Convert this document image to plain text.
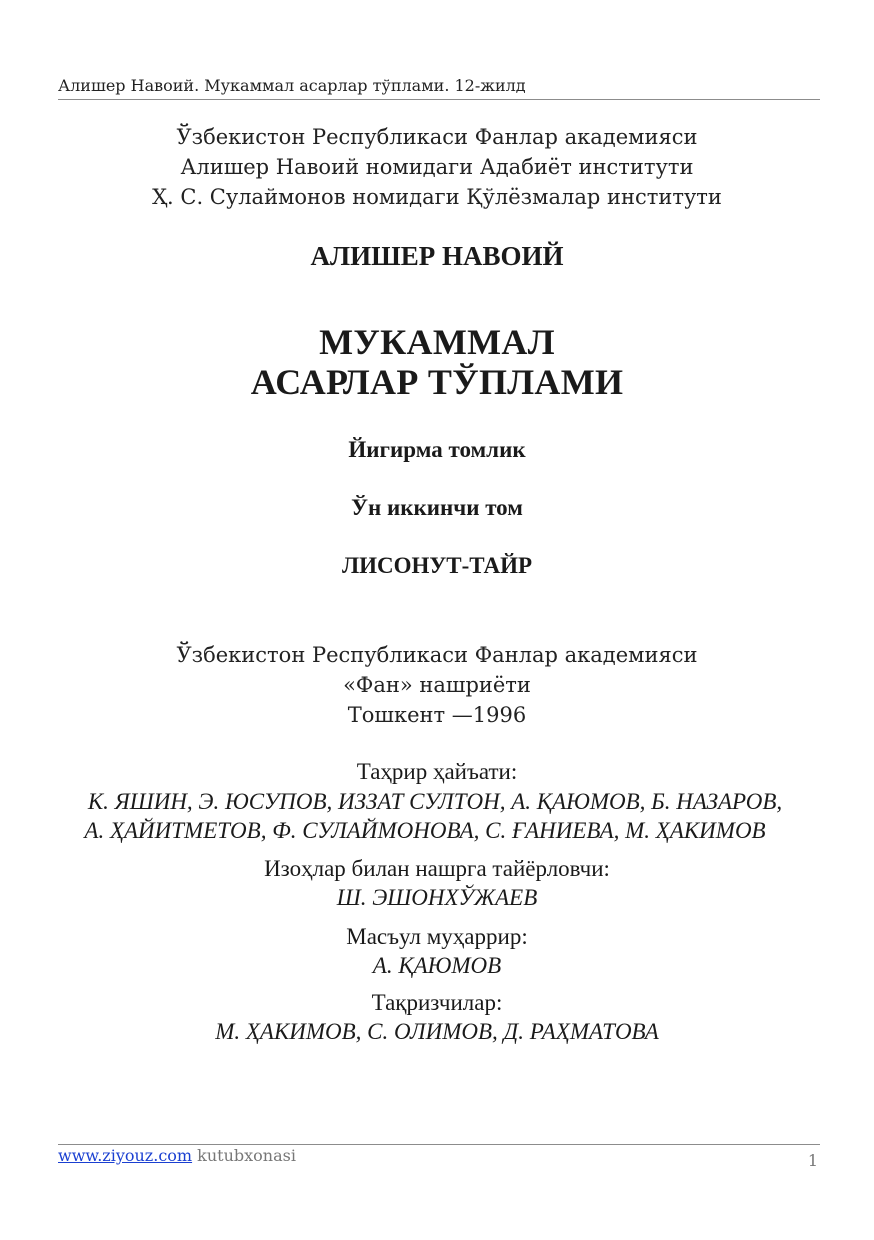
Алишер Навоий. Мукаммал асарлар тўплами. 12-жилд
Ўзбекистон Республикаси Фанлар академияси
Алишер Навоий номидаги Адабиёт институти
Ҳ. С. Сулаймонов номидаги Қўлёзмалар институти
АЛИШЕР НАВОИЙ
МУКАММАЛ
АСАРЛАР ТЎПЛАМИ
Йигирма томлик
Ўн иккинчи том
ЛИСОНУТ-ТАЙР
Ўзбекистон Республикаси Фанлар академияси
«Фан» нашриёти
Тошкент —1996
Таҳрир ҳайъати:
К. ЯШИН, Э. ЮСУПОВ, ИЗЗАТ СУЛТОН, А. ҚАЮМОВ, Б. НАЗАРОВ,
А. ҲАЙИТМЕТОВ, Ф. СУЛАЙМОНОВА, С. ҒАНИЕВА, М. ҲАКИМОВ
Изоҳлар билан нашрга тайёрловчи:
Ш. ЭШОНХЎЖАЕВ
Масъул муҳаррир:
А. ҚАЮМОВ
Тақризчилар:
М. ҲАКИМОВ, С. ОЛИМОВ, Д. РАҲМАТОВА
www.ziyouz.com kutubxonasi	1
